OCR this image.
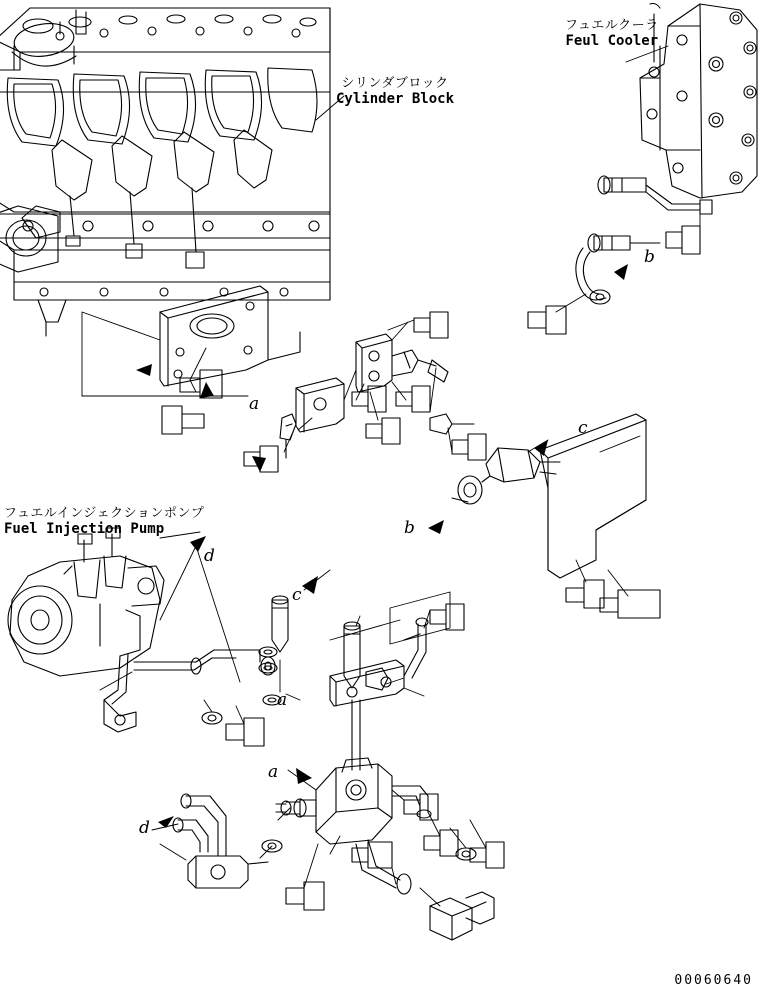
シリンダブロック
Cylinder Block
フュエルクーラ
Feul Cooler
フュエルインジェクションポンプ
Fuel Injection Pump
a
a
a
b
b
c
c
d
d
00060640
